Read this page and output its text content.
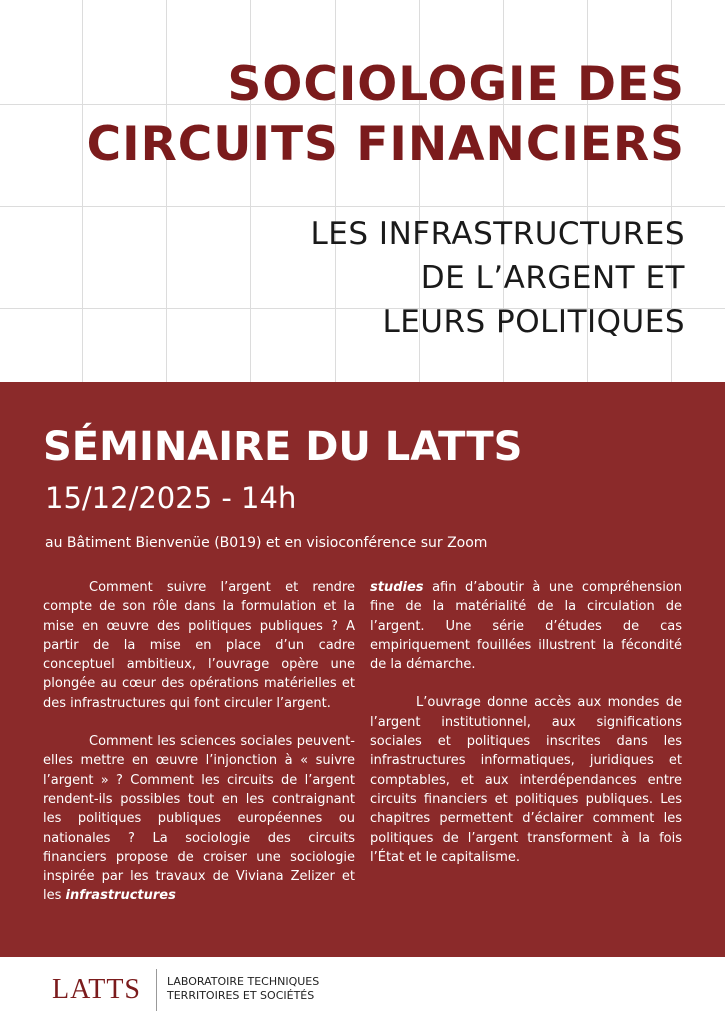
SOCIOLOGIE DES
CIRCUITS FINANCIERS
LES INFRASTRUCTURES
DE L’ARGENT ET
LEURS POLITIQUES
SÉMINAIRE DU LATTS
15/12/2025 - 14h
au Bâtiment Bienvenüe (B019) et en visioconférence sur Zoom

Comment suivre l’argent et rendre compte de son rôle dans la formulation et la mise en œuvre des politiques publiques ? A partir de la mise en place d’un cadre conceptuel ambitieux, l’ouvrage opère une plongée au cœur des opérations matérielles et des infrastructures qui font circuler l’argent.

Comment les sciences sociales peuvent-elles mettre en œuvre l’injonction à « suivre l’argent » ? Comment les circuits de l’argent rendent-ils possibles tout en les contraignant les politiques publiques européennes ou nationales ? La sociologie des circuits financiers propose de croiser une sociologie inspirée par les travaux de Viviana Zelizer et les infrastructures

studies afin d’aboutir à une compréhension fine de la matérialité de la circulation de l’argent. Une série d’études de cas empiriquement fouillées illustrent la fécondité de la démarche.

L’ouvrage donne accès aux mondes de l’argent institutionnel, aux significations sociales et politiques inscrites dans les infrastructures informatiques, juridiques et comptables, et aux interdépendances entre circuits financiers et politiques publiques. Les chapitres permettent d’éclairer comment les politiques de l’argent transforment à la fois l’État et le capitalisme.

LATTS LABORATOIRE TECHNIQUES
TERRITOIRES ET SOCIÉTÉS
